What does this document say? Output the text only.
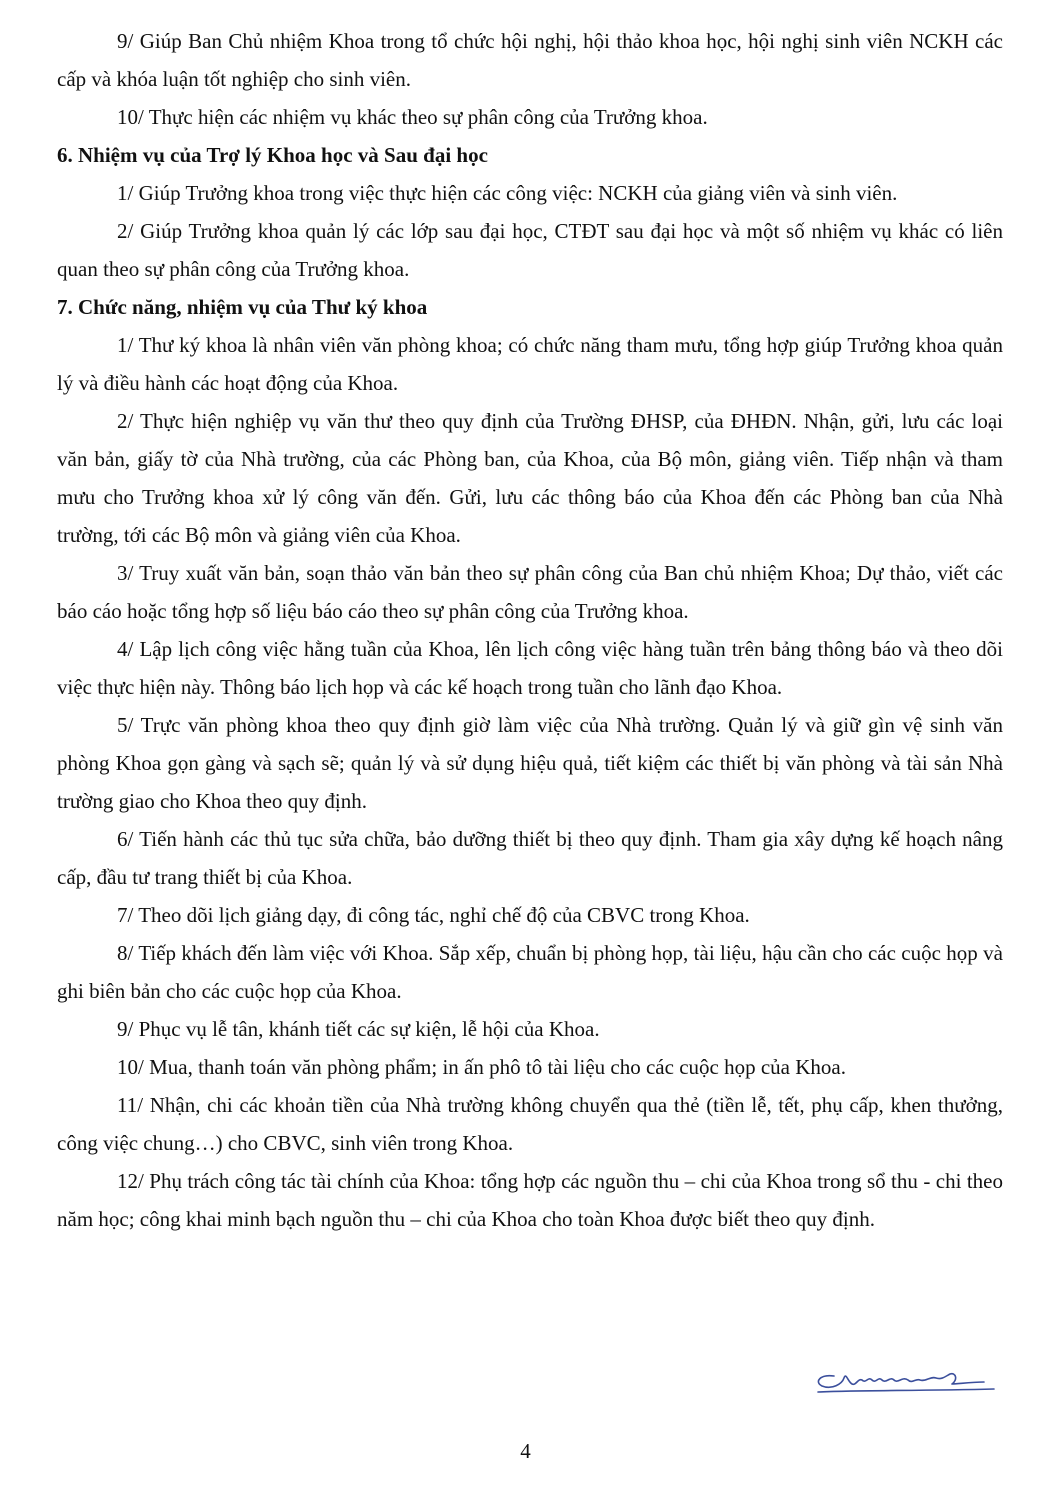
9/ Giúp Ban Chủ nhiệm Khoa trong tổ chức hội nghị, hội thảo khoa học, hội nghị sinh viên NCKH các cấp và khóa luận tốt nghiệp cho sinh viên.

10/ Thực hiện các nhiệm vụ khác theo sự phân công của Trưởng khoa.

6. Nhiệm vụ của Trợ lý Khoa học và Sau đại học

1/ Giúp Trưởng khoa trong việc thực hiện các công việc: NCKH của giảng viên và sinh viên.

2/ Giúp Trưởng khoa quản lý các lớp sau đại học, CTĐT sau đại học và một số nhiệm vụ khác có liên quan theo sự phân công của Trưởng khoa.

7. Chức năng, nhiệm vụ của Thư ký khoa

1/ Thư ký khoa là nhân viên văn phòng khoa; có chức năng tham mưu, tổng hợp giúp Trưởng khoa quản lý và điều hành các hoạt động của Khoa.

2/ Thực hiện nghiệp vụ văn thư theo quy định của Trường ĐHSP, của ĐHĐN. Nhận, gửi, lưu các loại văn bản, giấy tờ của Nhà trường, của các Phòng ban, của Khoa, của Bộ môn, giảng viên. Tiếp nhận và tham mưu cho Trưởng khoa xử lý công văn đến. Gửi, lưu các thông báo của Khoa đến các Phòng ban của Nhà trường, tới các Bộ môn và giảng viên của Khoa.

3/ Truy xuất văn bản, soạn thảo văn bản theo sự phân công của Ban chủ nhiệm Khoa; Dự thảo, viết các báo cáo hoặc tổng hợp số liệu báo cáo theo sự phân công của Trưởng khoa.

4/ Lập lịch công việc hằng tuần của Khoa, lên lịch công việc hàng tuần trên bảng thông báo và theo dõi việc thực hiện này. Thông báo lịch họp và các kế hoạch trong tuần cho lãnh đạo Khoa.

5/ Trực văn phòng khoa theo quy định giờ làm việc của Nhà trường. Quản lý và giữ gìn vệ sinh văn phòng Khoa gọn gàng và sạch sẽ; quản lý và sử dụng hiệu quả, tiết kiệm các thiết bị văn phòng và tài sản Nhà trường giao cho Khoa theo quy định.

6/ Tiến hành các thủ tục sửa chữa, bảo dưỡng thiết bị theo quy định. Tham gia xây dựng kế hoạch nâng cấp, đầu tư trang thiết bị của Khoa.

7/ Theo dõi lịch giảng dạy, đi công tác, nghỉ chế độ của CBVC trong Khoa.

8/ Tiếp khách đến làm việc với Khoa. Sắp xếp, chuẩn bị phòng họp, tài liệu, hậu cần cho các cuộc họp và ghi biên bản cho các cuộc họp của Khoa.

9/ Phục vụ lễ tân, khánh tiết các sự kiện, lễ hội của Khoa.

10/ Mua, thanh toán văn phòng phẩm; in ấn phô tô tài liệu cho các cuộc họp của Khoa.

11/ Nhận, chi các khoản tiền của Nhà trường không chuyển qua thẻ (tiền lễ, tết, phụ cấp, khen thưởng, công việc chung…) cho CBVC, sinh viên trong Khoa.

12/ Phụ trách công tác tài chính của Khoa: tổng hợp các nguồn thu – chi của Khoa trong sổ thu - chi theo năm học; công khai minh bạch nguồn thu – chi của Khoa cho toàn Khoa được biết theo quy định.

4
